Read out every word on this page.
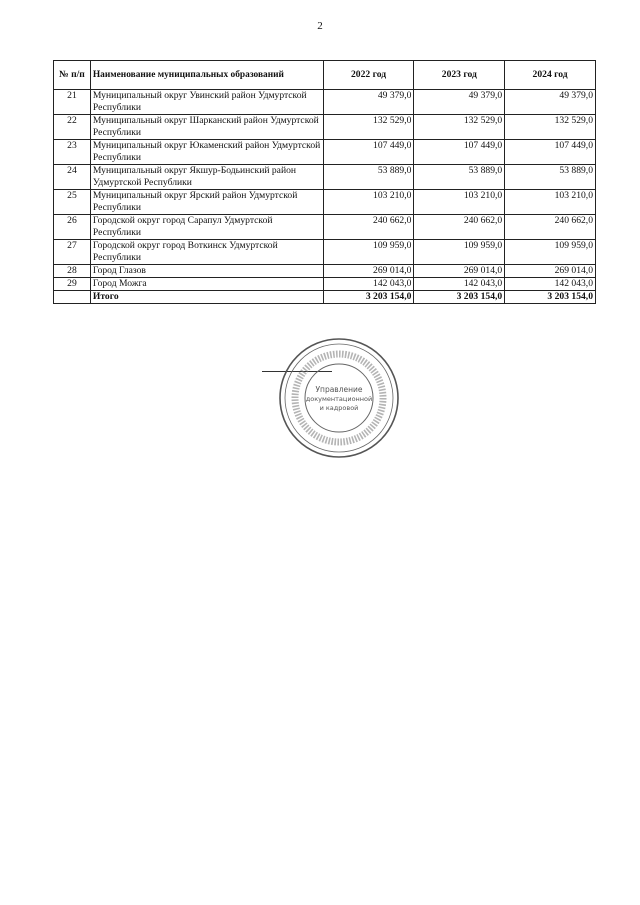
2
№ п/п	Наименование муниципальных образований	2022 год	2023 год	2024 год
21	Муниципальный округ Увинский район Удмуртской Республики	49 379,0	49 379,0	49 379,0
22	Муниципальный округ Шарканский район Удмуртской Республики	132 529,0	132 529,0	132 529,0
23	Муниципальный округ Юкаменский район Удмуртской Республики	107 449,0	107 449,0	107 449,0
24	Муниципальный округ Якшур-Бодьинский район Удмуртской Республики	53 889,0	53 889,0	53 889,0
25	Муниципальный округ Ярский район Удмуртской Республики	103 210,0	103 210,0	103 210,0
26	Городской округ город Сарапул Удмуртской Республики	240 662,0	240 662,0	240 662,0
27	Городской округ город Воткинск Удмуртской Республики	109 959,0	109 959,0	109 959,0
28	Город Глазов	269 014,0	269 014,0	269 014,0
29	Город Можга	142 043,0	142 043,0	142 043,0
	Итого	3 203 154,0	3 203 154,0	3 203 154,0
Управление
документационной
и кадровой
